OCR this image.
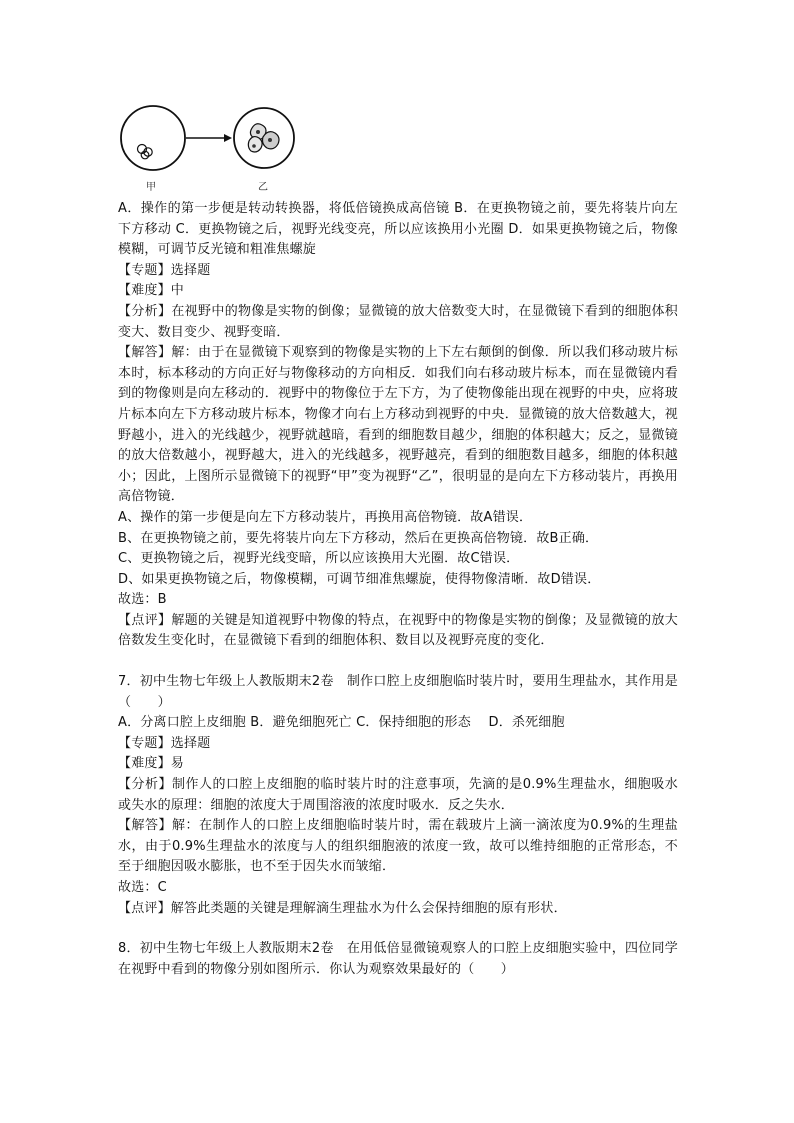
甲	乙

A．操作的第一步便是转动转换器，将低倍镜换成高倍镜 B．在更换物镜之前，要先将装片向左下方移动 C．更换物镜之后，视野光线变亮，所以应该换用小光圈 D．如果更换物镜之后，物像模糊，可调节反光镜和粗准焦螺旋

【专题】选择题

【难度】中

【分析】在视野中的物像是实物的倒像；显微镜的放大倍数变大时，在显微镜下看到的细胞体积变大、数目变少、视野变暗．

【解答】解：由于在显微镜下观察到的物像是实物的上下左右颠倒的倒像．所以我们移动玻片标本时，标本移动的方向正好与物像移动的方向相反．如我们向右移动玻片标本，而在显微镜内看到的物像则是向左移动的．视野中的物像位于左下方，为了使物像能出现在视野的中央，应将玻片标本向左下方移动玻片标本，物像才向右上方移动到视野的中央．显微镜的放大倍数越大，视野越小，进入的光线越少，视野就越暗，看到的细胞数目越少，细胞的体积越大；反之，显微镜的放大倍数越小，视野越大，进入的光线越多，视野越亮，看到的细胞数目越多，细胞的体积越小；因此，上图所示显微镜下的视野“甲”变为视野“乙”，很明显的是向左下方移动装片，再换用高倍物镜．

A、操作的第一步便是向左下方移动装片，再换用高倍物镜．故A错误．

B、在更换物镜之前，要先将装片向左下方移动，然后在更换高倍物镜．故B正确．

C、更换物镜之后，视野光线变暗，所以应该换用大光圈．故C错误．

D、如果更换物镜之后，物像模糊，可调节细准焦螺旋，使得物像清晰．故D错误．

故选：B

【点评】解题的关键是知道视野中物像的特点，在视野中的物像是实物的倒像；及显微镜的放大倍数发生变化时，在显微镜下看到的细胞体积、数目以及视野亮度的变化．

7．初中生物七年级上人教版期末2卷　制作口腔上皮细胞临时装片时，要用生理盐水，其作用是（　　）

A．分离口腔上皮细胞 B．避免细胞死亡 C．保持细胞的形态　 D．杀死细胞

【专题】选择题

【难度】易

【分析】制作人的口腔上皮细胞的临时装片时的注意事项，先滴的是0.9%生理盐水，细胞吸水或失水的原理：细胞的浓度大于周围溶液的浓度时吸水．反之失水．

【解答】解：在制作人的口腔上皮细胞临时装片时，需在载玻片上滴一滴浓度为0.9%的生理盐水，由于0.9%生理盐水的浓度与人的组织细胞液的浓度一致，故可以维持细胞的正常形态，不至于细胞因吸水膨胀，也不至于因失水而皱缩．

故选：C

【点评】解答此类题的关键是理解滴生理盐水为什么会保持细胞的原有形状．

8．初中生物七年级上人教版期末2卷　在用低倍显微镜观察人的口腔上皮细胞实验中，四位同学在视野中看到的物像分别如图所示．你认为观察效果最好的（　　）
